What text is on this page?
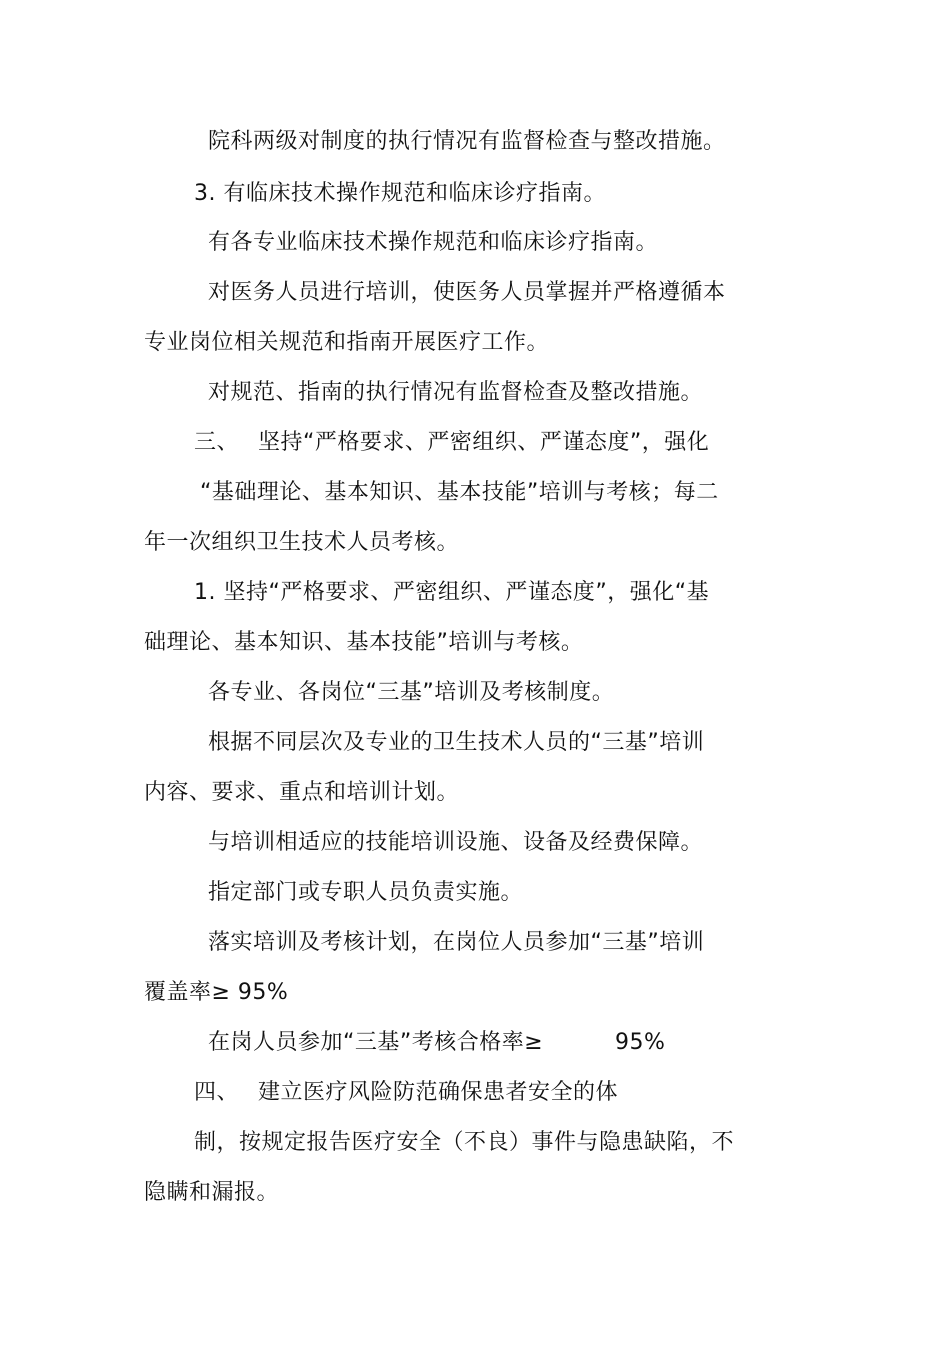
院科两级对制度的执行情况有监督检查与整改措施。
3. 有临床技术操作规范和临床诊疗指南。
有各专业临床技术操作规范和临床诊疗指南。
对医务人员进行培训，使医务人员掌握并严格遵循本
专业岗位相关规范和指南开展医疗工作。
对规范、指南的执行情况有监督检查及整改措施。
三、 坚持“严格要求、严密组织、严谨态度”，强化
“基础理论、基本知识、基本技能”培训与考核；每二
年一次组织卫生技术人员考核。
1. 坚持“严格要求、严密组织、严谨态度”，强化“基
础理论、基本知识、基本技能”培训与考核。
各专业、各岗位“三基”培训及考核制度。
根据不同层次及专业的卫生技术人员的“三基”培训
内容、要求、重点和培训计划。
与培训相适应的技能培训设施、设备及经费保障。
指定部门或专职人员负责实施。
落实培训及考核计划，在岗位人员参加“三基”培训
覆盖率≥ 95%
在岗人员参加“三基”考核合格率≥	95%
四、 建立医疗风险防范确保患者安全的体
制，按规定报告医疗安全（不良）事件与隐患缺陷，不
隐瞒和漏报。
